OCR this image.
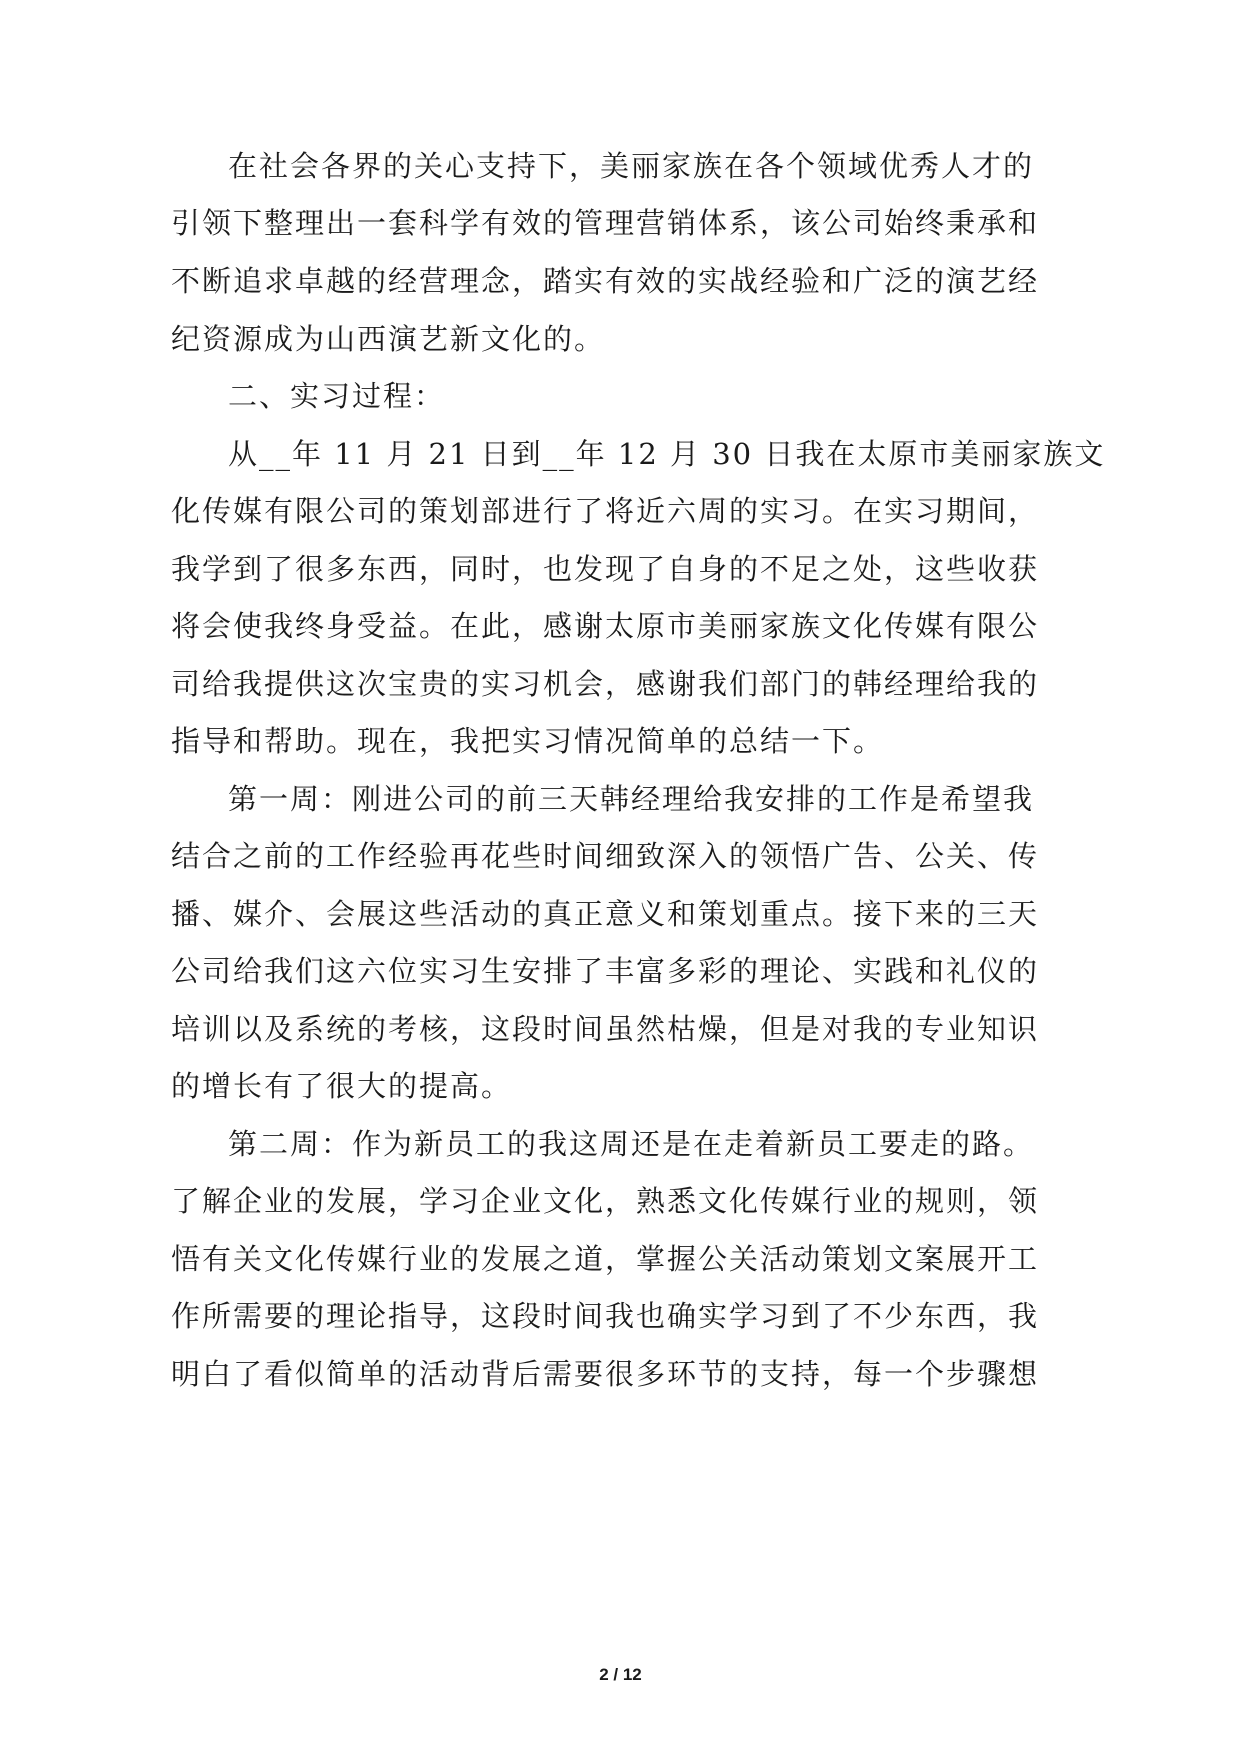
在社会各界的关心支持下，美丽家族在各个领域优秀人才的
引领下整理出一套科学有效的管理营销体系，该公司始终秉承和
不断追求卓越的经营理念，踏实有效的实战经验和广泛的演艺经
纪资源成为山西演艺新文化的。
二、实习过程：
从__年 11 月 21 日到__年 12 月 30 日我在太原市美丽家族文
化传媒有限公司的策划部进行了将近六周的实习。在实习期间，
我学到了很多东西，同时，也发现了自身的不足之处，这些收获
将会使我终身受益。在此，感谢太原市美丽家族文化传媒有限公
司给我提供这次宝贵的实习机会，感谢我们部门的韩经理给我的
指导和帮助。现在，我把实习情况简单的总结一下。
第一周：刚进公司的前三天韩经理给我安排的工作是希望我
结合之前的工作经验再花些时间细致深入的领悟广告、公关、传
播、媒介、会展这些活动的真正意义和策划重点。接下来的三天
公司给我们这六位实习生安排了丰富多彩的理论、实践和礼仪的
培训以及系统的考核，这段时间虽然枯燥，但是对我的专业知识
的增长有了很大的提高。
第二周：作为新员工的我这周还是在走着新员工要走的路。
了解企业的发展，学习企业文化，熟悉文化传媒行业的规则，领
悟有关文化传媒行业的发展之道，掌握公关活动策划文案展开工
作所需要的理论指导，这段时间我也确实学习到了不少东西，我
明白了看似简单的活动背后需要很多环节的支持，每一个步骤想
2 / 12
